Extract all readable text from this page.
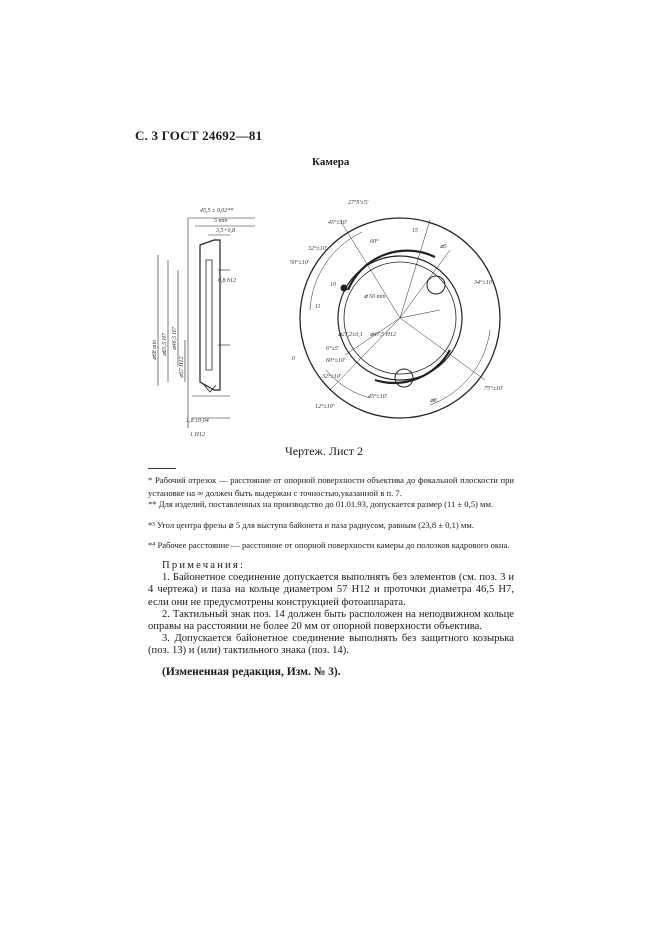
С. 3 ГОСТ 24692—81
Камера
45,5 ± 0,02**
5 min
3,5+0,8
⌀68 min ⌀65,5 H7 ⌀46,5 H7
⌀57 H12
0,8 h12
1,8 ±0,04
1 H12
27°5'±5'
45°±10'
60°
32°±10'
50°±10'
34°±10'
60°±10'
6°±5'
32°±10'
45°±10'
12°±10'
15
10
11
0
⌀5
⌀8
⌀ 50 min
⌀47,5 H12
⌀27,2±0,1
75°±10'
Чертеж. Лист 2
* Рабочий отрезок — расстояние от опорной поверхности объектива до фокальной плоскости при установке на ∞ должен быть выдержан с точностью,указанной в п. 7.
** Для изделий, поставленных на производство до 01.01.93, допускается размер (11 ± 0,5) мм.
*³ Угол центра фрезы ⌀ 5 для выступа байонета и паза радиусом, равным (23,8 ± 0,1) мм.
*⁴ Рабочее расстояние — расстояние от опорной поверхности камеры до полозков кадрового окна.

Примечания:

1. Байонетное соединение допускается выполнять без элементов (см. поз. 3 и 4 чертежа) и паза на кольце диаметром 57 Н12 и проточки диаметра 46,5 Н7, если они не предусмотрены конструкцией фотоаппарата.

2. Тактильный знак поз. 14 должен быть расположен на неподвижном кольце оправы на расстоянии не более 20 мм от опорной поверхности объектива.

3. Допускается байонетное соединение выполнять без защитного козырька (поз. 13) и (или) тактильного знака (поз. 14).

(Измененная редакция, Изм. № 3).
